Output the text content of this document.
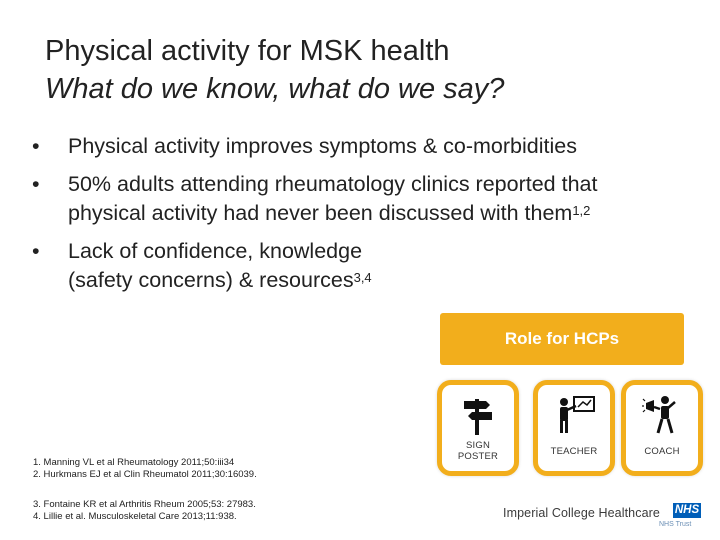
Physical activity for MSK health
What do we know, what do we say?
• Physical activity improves symptoms & co-morbidities
• 50% adults attending rheumatology clinics reported that physical activity had never been discussed with them$^{1,2}$
• Lack of confidence, knowledge
(safety concerns) & resources$^{3,4}$
Role for HCPs
SIGN
POSTER	TEACHER	COACH
1. Manning VL et al Rheumatology 2011;50:iii34
2. Hurkmans EJ et al Clin Rheumatol 2011;30:16039.
3. Fontaine KR et al Arthritis Rheum 2005;53: 27983.
4. Lillie et al. Musculoskeletal Care 2013;11:938.	Imperial College Healthcare NHS
NHS Trust
